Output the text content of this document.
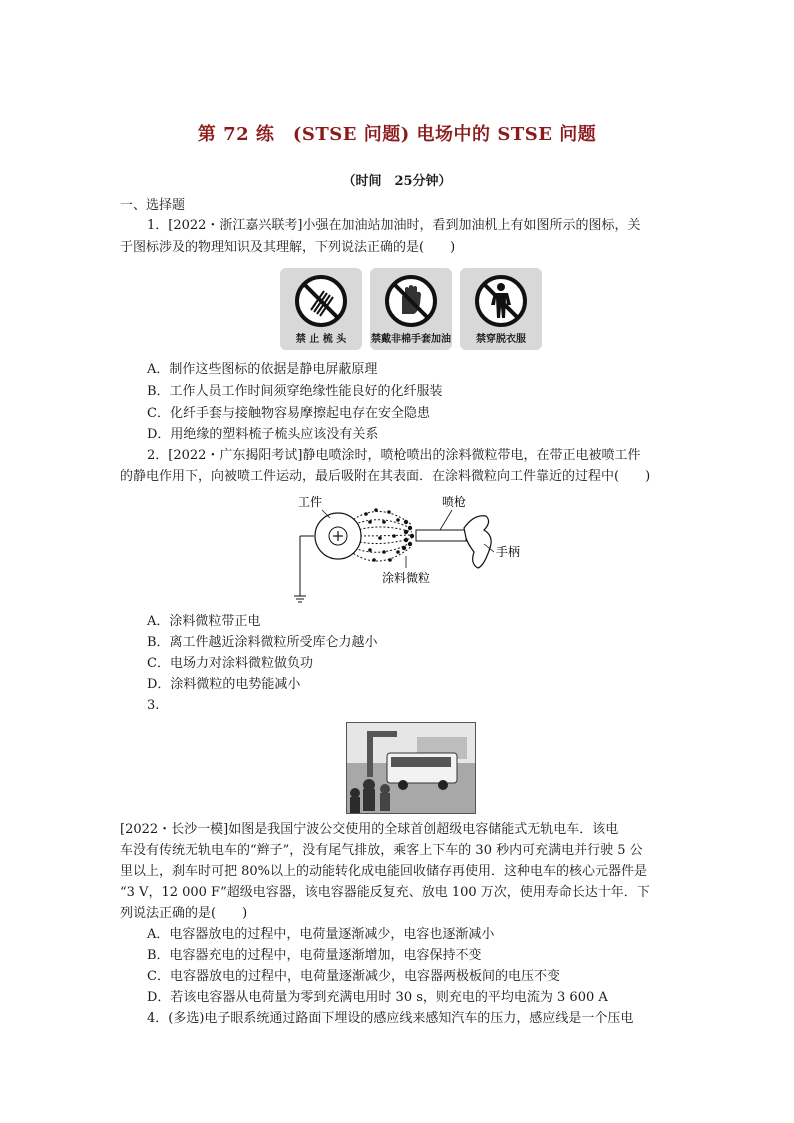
第 72 练　(STSE 问题) 电场中的 STSE 问题
（时间　25分钟）
一、选择题
1．[2022・浙江嘉兴联考]小强在加油站加油时，看到加油机上有如图所示的图标，关
于图标涉及的物理知识及其理解，下列说法正确的是(　　)
禁 止 梳 头	禁戴非棉手套加油	禁穿脱衣服
A．制作这些图标的依据是静电屏蔽原理
B．工作人员工作时间须穿绝缘性能良好的化纤服装
C．化纤手套与接触物容易摩擦起电存在安全隐患
D．用绝缘的塑料梳子梳头应该没有关系
2．[2022・广东揭阳考试]静电喷涂时，喷枪喷出的涂料微粒带电，在带正电被喷工件
的静电作用下，向被喷工件运动，最后吸附在其表面．在涂料微粒向工件靠近的过程中(　　)
工件	喷枪
手柄
涂料微粒
A．涂料微粒带正电
B．离工件越近涂料微粒所受库仑力越小
C．电场力对涂料微粒做负功
D．涂料微粒的电势能减小
3.
[2022・长沙一模]如图是我国宁波公交使用的全球首创超级电容储能式无轨电车．该电
车没有传统无轨电车的“辫子”，没有尾气排放，乘客上下车的 30 秒内可充满电并行驶 5 公
里以上，刹车时可把 80%以上的动能转化成电能回收储存再使用．这种电车的核心元器件是
“3 V，12 000 F”超级电容器，该电容器能反复充、放电 100 万次，使用寿命长达十年．下
列说法正确的是(　　)
A．电容器放电的过程中，电荷量逐渐减少，电容也逐渐减小
B．电容器充电的过程中，电荷量逐渐增加，电容保持不变
C．电容器放电的过程中，电荷量逐渐减少，电容器两极板间的电压不变
D．若该电容器从电荷量为零到充满电用时 30 s，则充电的平均电流为 3 600 A
4．(多选)电子眼系统通过路面下埋设的感应线来感知汽车的压力，感应线是一个压电
